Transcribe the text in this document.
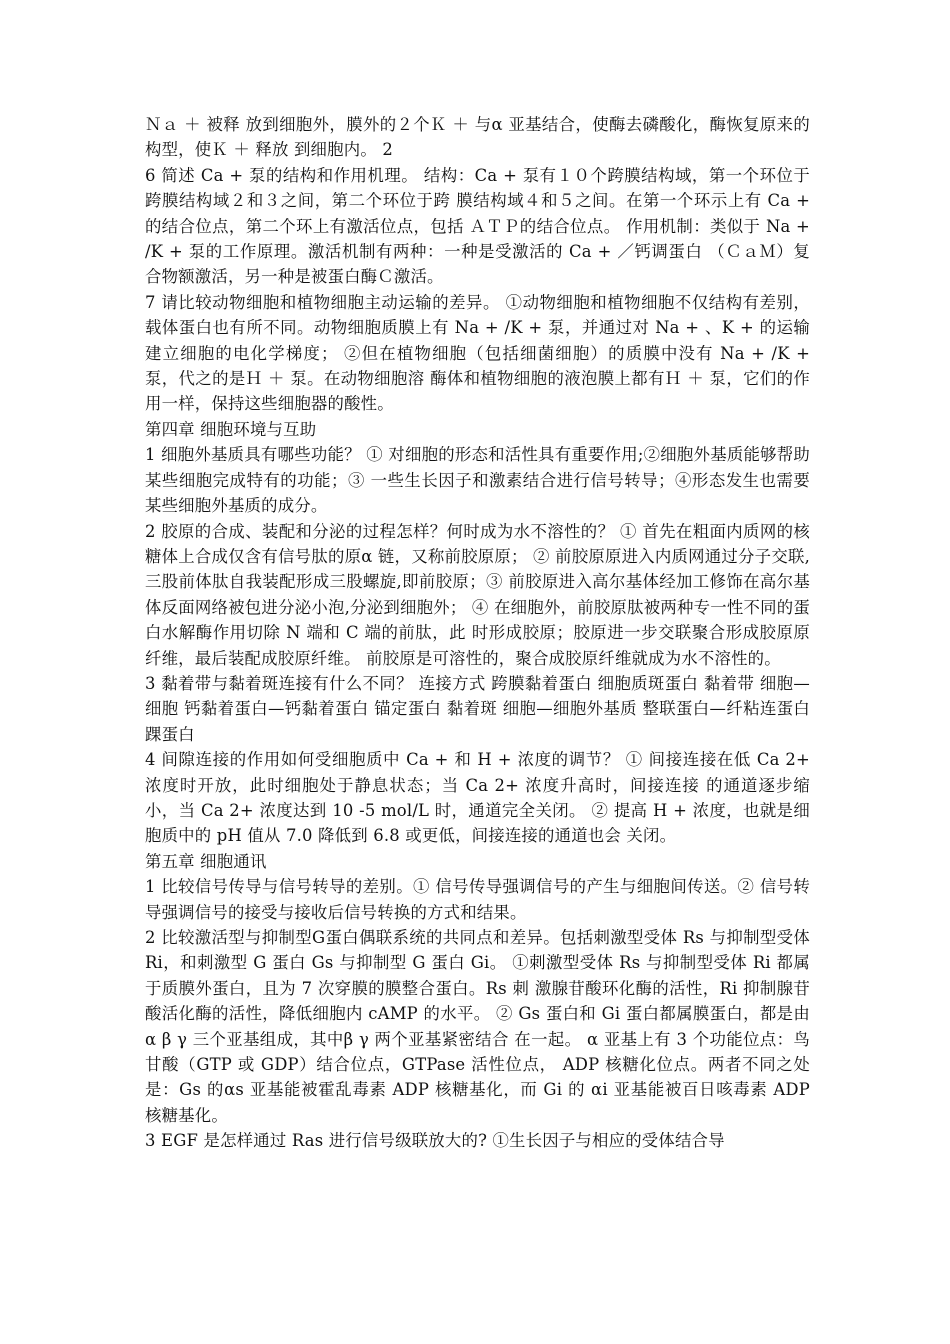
Ｎａ ＋ 被释 放到细胞外，膜外的２个Ｋ ＋ 与α 亚基结合，使酶去磷酸化，酶恢复原来的构型，使Ｋ ＋ 释放 到细胞内。 2

6 简述 Ca + 泵的结构和作用机理。 结构：Ca + 泵有１０个跨膜结构域，第一个环位于跨膜结构域２和３之间，第二个环位于跨 膜结构域４和５之间。在第一个环示上有 Ca + 的结合位点，第二个环上有激活位点，包括 ＡＴＰ的结合位点。 作用机制：类似于 Na + /K + 泵的工作原理。激活机制有两种：一种是受激活的 Ca + ／钙调蛋白 （ＣａＭ）复合物额激活，另一种是被蛋白酶Ｃ激活。

7 请比较动物细胞和植物细胞主动运输的差异。 ①动物细胞和植物细胞不仅结构有差别，载体蛋白也有所不同。动物细胞质膜上有 Na + /K + 泵，并通过对 Na + 、K + 的运输建立细胞的电化学梯度； ②但在植物细胞（包括细菌细胞）的质膜中没有 Na + /K + 泵，代之的是Ｈ ＋ 泵。在动物细胞溶 酶体和植物细胞的液泡膜上都有Ｈ ＋ 泵，它们的作用一样，保持这些细胞器的酸性。

第四章 细胞环境与互助

1 细胞外基质具有哪些功能？ ① 对细胞的形态和活性具有重要作用;②细胞外基质能够帮助某些细胞完成特有的功能；③ 一些生长因子和激素结合进行信号转导；④形态发生也需要某些细胞外基质的成分。

2 胶原的合成、装配和分泌的过程怎样？何时成为水不溶性的？ ① 首先在粗面内质网的核糖体上合成仅含有信号肽的原α 链，又称前胶原原； ② 前胶原原进入内质网通过分子交联,三股前体肽自我装配形成三股螺旋,即前胶原；③ 前胶原进入高尔基体经加工修饰在高尔基体反面网络被包进分泌小泡,分泌到细胞外； ④ 在细胞外，前胶原肽被两种专一性不同的蛋白水解酶作用切除 N 端和 C 端的前肽，此 时形成胶原；胶原进一步交联聚合形成胶原原纤维，最后装配成胶原纤维。 前胶原是可溶性的，聚合成胶原纤维就成为水不溶性的。

3 黏着带与黏着斑连接有什么不同？ 连接方式 跨膜黏着蛋白 细胞质斑蛋白 黏着带 细胞—细胞 钙黏着蛋白—钙黏着蛋白 锚定蛋白 黏着斑 细胞—细胞外基质 整联蛋白—纤粘连蛋白 踝蛋白

4 间隙连接的作用如何受细胞质中 Ca + 和 H + 浓度的调节？ ① 间接连接在低 Ca 2+ 浓度时开放，此时细胞处于静息状态；当 Ca 2+ 浓度升高时，间接连接 的通道逐步缩小，当 Ca 2+ 浓度达到 10 -5 mol/L 时，通道完全关闭。 ② 提高 H + 浓度，也就是细胞质中的 pH 值从 7.0 降低到 6.8 或更低，间接连接的通道也会 关闭。

第五章 细胞通讯

1 比较信号传导与信号转导的差别。① 信号传导强调信号的产生与细胞间传送。② 信号转导强调信号的接受与接收后信号转换的方式和结果。

2 比较激活型与抑制型G蛋白偶联系统的共同点和差异。包括刺激型受体 Rs 与抑制型受体 Ri，和刺激型 G 蛋白 Gs 与抑制型 G 蛋白 Gi。 ①刺激型受体 Rs 与抑制型受体 Ri 都属于质膜外蛋白，且为 7 次穿膜的膜整合蛋白。Rs 刺 激腺苷酸环化酶的活性，Ri 抑制腺苷酸活化酶的活性，降低细胞内 cAMP 的水平。 ② Gs 蛋白和 Gi 蛋白都属膜蛋白，都是由α β γ 三个亚基组成，其中β γ 两个亚基紧密结合 在一起。 α 亚基上有 3 个功能位点：鸟甘酸（GTP 或 GDP）结合位点，GTPase 活性位点， ADP 核糖化位点。两者不同之处是：Gs 的αs 亚基能被霍乱毒素 ADP 核糖基化，而 Gi 的 αi 亚基能被百日咳毒素 ADP 核糖基化。

3 EGF 是怎样通过 Ras 进行信号级联放大的? ①生长因子与相应的受体结合导
